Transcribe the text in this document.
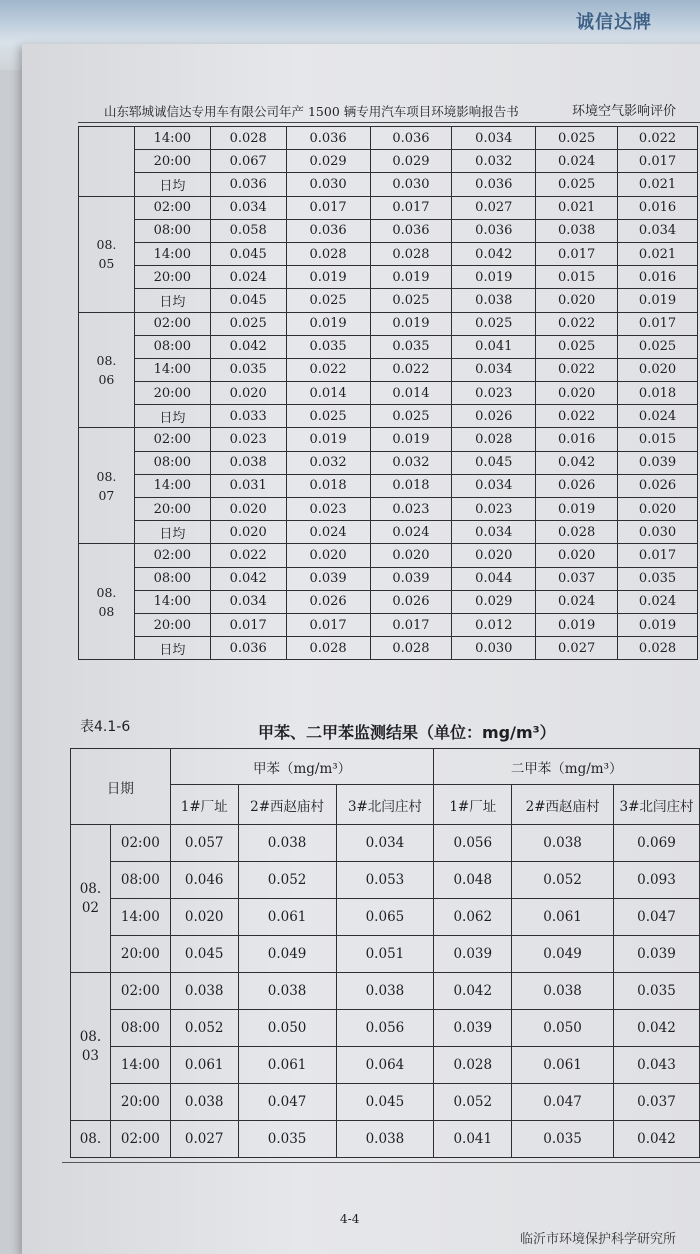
诚信达牌
山东郓城诚信达专用车有限公司年产 1500 辆专用汽车项目环境影响报告书	环境空气影响评价
	14:00	0.028	0.036	0.036	0.034	0.025	0.022
	20:00	0.067	0.029	0.029	0.032	0.024	0.017
	日均	0.036	0.030	0.030	0.036	0.025	0.021
08.
05	02:00	0.034	0.017	0.017	0.027	0.021	0.016
	08:00	0.058	0.036	0.036	0.036	0.038	0.034
	14:00	0.045	0.028	0.028	0.042	0.017	0.021
	20:00	0.024	0.019	0.019	0.019	0.015	0.016
	日均	0.045	0.025	0.025	0.038	0.020	0.019
08.
06	02:00	0.025	0.019	0.019	0.025	0.022	0.017
	08:00	0.042	0.035	0.035	0.041	0.025	0.025
	14:00	0.035	0.022	0.022	0.034	0.022	0.020
	20:00	0.020	0.014	0.014	0.023	0.020	0.018
	日均	0.033	0.025	0.025	0.026	0.022	0.024
08.
07	02:00	0.023	0.019	0.019	0.028	0.016	0.015
	08:00	0.038	0.032	0.032	0.045	0.042	0.039
	14:00	0.031	0.018	0.018	0.034	0.026	0.026
	20:00	0.020	0.023	0.023	0.023	0.019	0.020
	日均	0.020	0.024	0.024	0.034	0.028	0.030
08.
08	02:00	0.022	0.020	0.020	0.020	0.020	0.017
	08:00	0.042	0.039	0.039	0.044	0.037	0.035
	14:00	0.034	0.026	0.026	0.029	0.024	0.024
	20:00	0.017	0.017	0.017	0.012	0.019	0.019
	日均	0.036	0.028	0.028	0.030	0.027	0.028
表4.1-6	甲苯、二甲苯监测结果（单位：mg/m³）
日期		甲苯（mg/m³）			二甲苯（mg/m³）		
		1#厂址	2#西赵庙村	3#北闫庄村	1#厂址	2#西赵庙村	3#北闫庄村
08.
02	02:00	0.057	0.038	0.034	0.056	0.038	0.069
	08:00	0.046	0.052	0.053	0.048	0.052	0.093
	14:00	0.020	0.061	0.065	0.062	0.061	0.047
	20:00	0.045	0.049	0.051	0.039	0.049	0.039
08.
03	02:00	0.038	0.038	0.038	0.042	0.038	0.035
	08:00	0.052	0.050	0.056	0.039	0.050	0.042
	14:00	0.061	0.061	0.064	0.028	0.061	0.043
	20:00	0.038	0.047	0.045	0.052	0.047	0.037
08.	02:00	0.027	0.035	0.038	0.041	0.035	0.042
4-4
临沂市环境保护科学研究所
